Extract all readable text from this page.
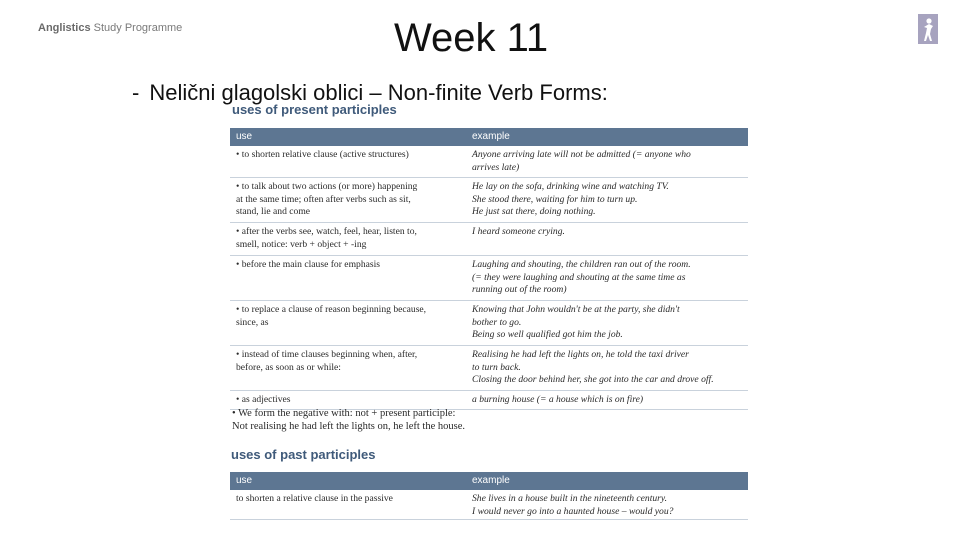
Anglistics Study Programme	Week 11
- Nelični glagolski oblici – Non-finite Verb Forms:
uses of present participles
use	example

• to shorten relative clause (active structures)	Anyone arriving late will not be admitted (= anyone who
arrives late)

• to talk about two actions (or more) happening
at the same time; often after verbs such as sit,
stand, lie and come	He lay on the sofa, drinking wine and watching TV.
She stood there, waiting for him to turn up.
He just sat there, doing nothing.

• after the verbs see, watch, feel, hear, listen to,
smell, notice: verb + object + -ing	I heard someone crying.

• before the main clause for emphasis	Laughing and shouting, the children ran out of the room.
(= they were laughing and shouting at the same time as
running out of the room)

• to replace a clause of reason beginning because,
since, as	Knowing that John wouldn't be at the party, she didn't
bother to go.
Being so well qualified got him the job.

• instead of time clauses beginning when, after,
before, as soon as or while:	Realising he had left the lights on, he told the taxi driver
to turn back.
Closing the door behind her, she got into the car and drove off.

• as adjectives	a burning house (= a house which is on fire)
• We form the negative with: not + present participle:
Not realising he had left the lights on, he left the house.
uses of past participles
use	example

to shorten a relative clause in the passive	She lives in a house built in the nineteenth century.
I would never go into a haunted house – would you?
